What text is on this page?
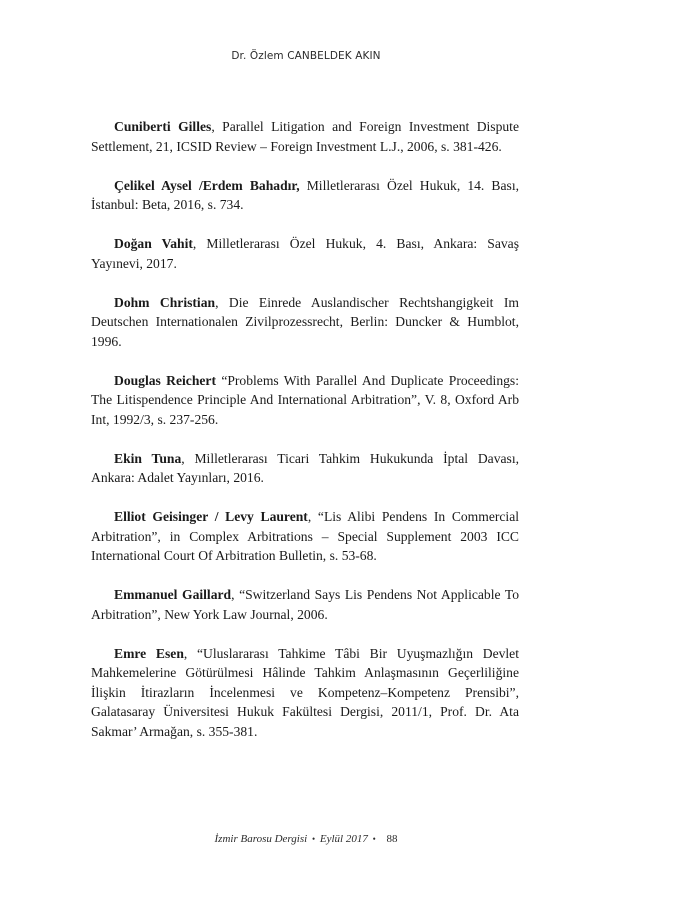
Dr. Özlem CANBELDEK AKIN

Cuniberti Gilles, Parallel Litigation and Foreign Investment Dispute Settlement, 21, ICSID Review – Foreign Investment L.J., 2006, s. 381-426.

Çelikel Aysel /Erdem Bahadır, Milletlerarası Özel Hukuk, 14. Bası, İstanbul: Beta, 2016, s. 734.

Doğan Vahit, Milletlerarası Özel Hukuk, 4. Bası, Ankara: Savaş Yayınevi, 2017.

Dohm Christian, Die Einrede Auslandischer Rechtshangigkeit Im Deutschen Internationalen Zivilprozessrecht, Berlin: Duncker & Humblot, 1996.

Douglas Reichert “Problems With Parallel And Duplicate Proceedings: The Litispendence Principle And International Arbitration”, V. 8, Oxford Arb Int, 1992/3, s. 237-256.

Ekin Tuna, Milletlerarası Ticari Tahkim Hukukunda İptal Davası, Ankara: Adalet Yayınları, 2016.

Elliot Geisinger / Levy Laurent, “Lis Alibi Pendens In Commercial Arbitration”, in Complex Arbitrations – Special Supplement 2003 ICC International Court Of Arbitration Bulletin, s. 53-68.

Emmanuel Gaillard, “Switzerland Says Lis Pendens Not Applicable To Arbitration”, New York Law Journal, 2006.

Emre Esen, “Uluslararası Tahkime Tâbi Bir Uyuşmazlığın Devlet Mahkemelerine Götürülmesi Hâlinde Tahkim Anlaşmasının Geçerliliğine İlişkin İtirazların İncelenmesi ve Kompetenz–Kompetenz Prensibi”, Galatasaray Üniversitesi Hukuk Fakültesi Dergisi, 2011/1, Prof. Dr. Ata Sakmar’ Armağan, s. 355-381.

İzmir Barosu Dergisi • Eylül 2017 • 88
